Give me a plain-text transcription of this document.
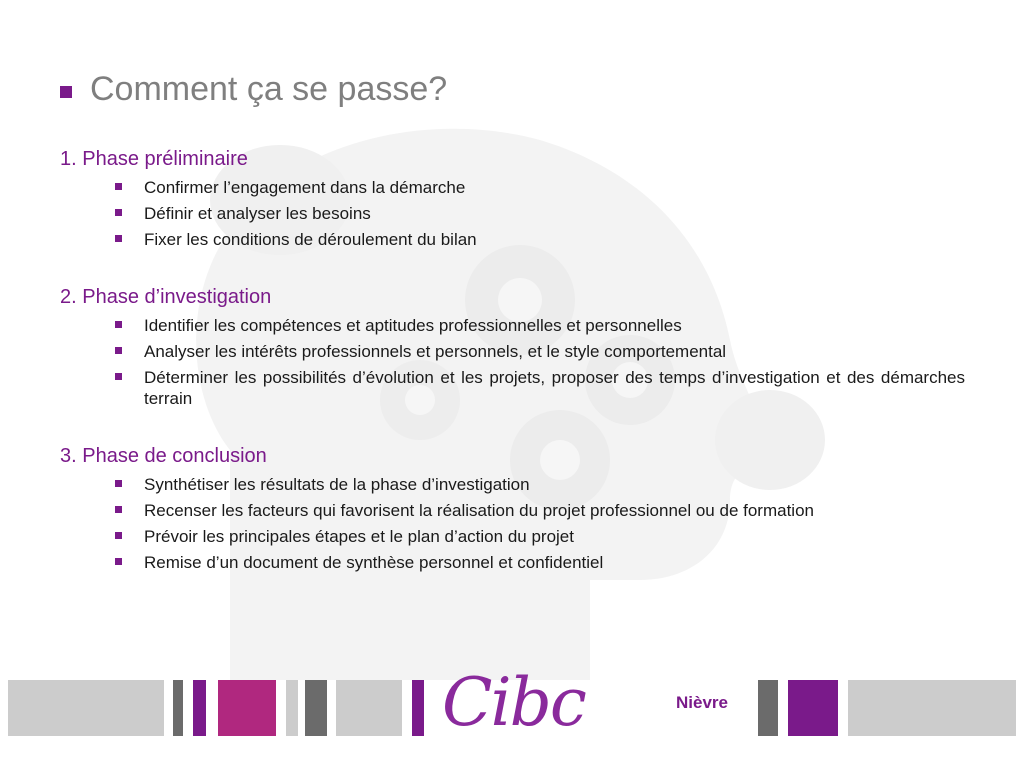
Comment ça se passe?
1. Phase préliminaire
Confirmer l’engagement dans la démarche
Définir et analyser les besoins
Fixer les conditions de déroulement du bilan
2. Phase d’investigation
Identifier les compétences et aptitudes professionnelles et personnelles
Analyser les intérêts professionnels et personnels, et le style comportemental
Déterminer les possibilités d’évolution et les projets, proposer des temps d’investigation et des démarches terrain
3. Phase de conclusion
Synthétiser les résultats de la phase d’investigation
Recenser les facteurs qui favorisent la réalisation du projet professionnel ou de formation
Prévoir les principales étapes et le plan d’action du projet
Remise d’un document de synthèse personnel et confidentiel
Cibc	Nièvre
